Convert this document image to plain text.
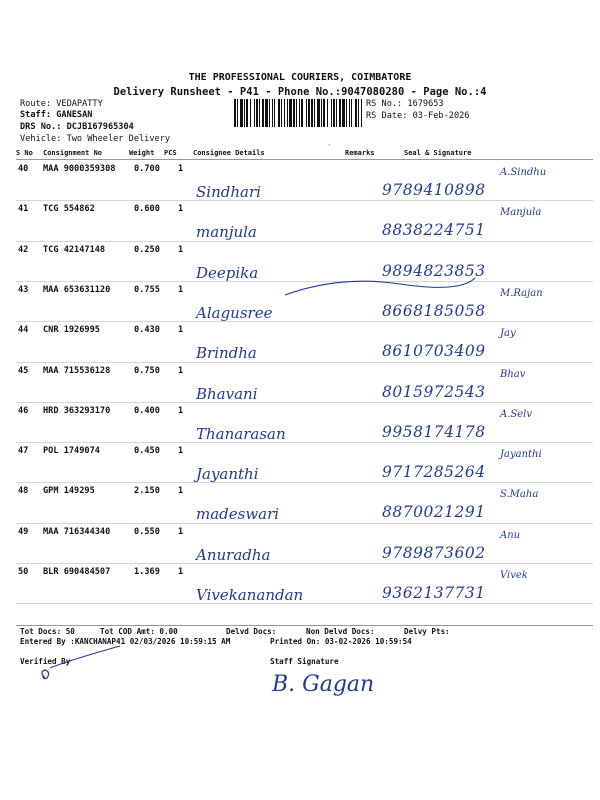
THE PROFESSIONAL COURIERS, COIMBATORE
Delivery Runsheet - P41 - Phone No.:9047080280 - Page No.:4
Route: VEDAPATTY
Staff: GANESAN
DRS No.: DCJB167965304
Vehicle: Two Wheeler Delivery
RS No.: 1679653
RS Date: 03-Feb-2026
S No Consignment No	Weight PCS Consignee Details	Remarks	Seal & Signature
ˋ
40 MAA 9000359308 0.700 1
Sindhari	9789410898
A.Sindhu
41 TCG 554862	0.600 1
manjula	8838224751
Manjula
42 TCG 42147148	0.250 1
Deepika	9894823853
43 MAA 653631120	0.755 1
Alagusree	8668185058
M.Rajan
44 CNR 1926995	0.430 1
Brindha	8610703409
Jay
45 MAA 715536128	0.750 1
Bhavani	8015972543
Bhav
46 HRD 363293170	0.400 1
Thanarasan	9958174178
A.Selv
47 POL 1749074	0.450 1
Jayanthi	9717285264
Jayanthi
48 GPM 149295	2.150 1
madeswari	8870021291
S.Maha
49 MAA 716344340	0.550 1
Anuradha	9789873602
Anu
50 BLR 690484507	1.369 1
Vivekanandan	9362137731
Vivek
Tot Docs: 50	Tot COD Amt: 0.00	Delvd Docs:	Non Delvd Docs:	Delvy Pts:
Entered By :KANCHANAP41 02/03/2026 10:59:15 AM	Printed On: 03-02-2026 10:59:54
Verified By	Staff Signature
B. Gagan
